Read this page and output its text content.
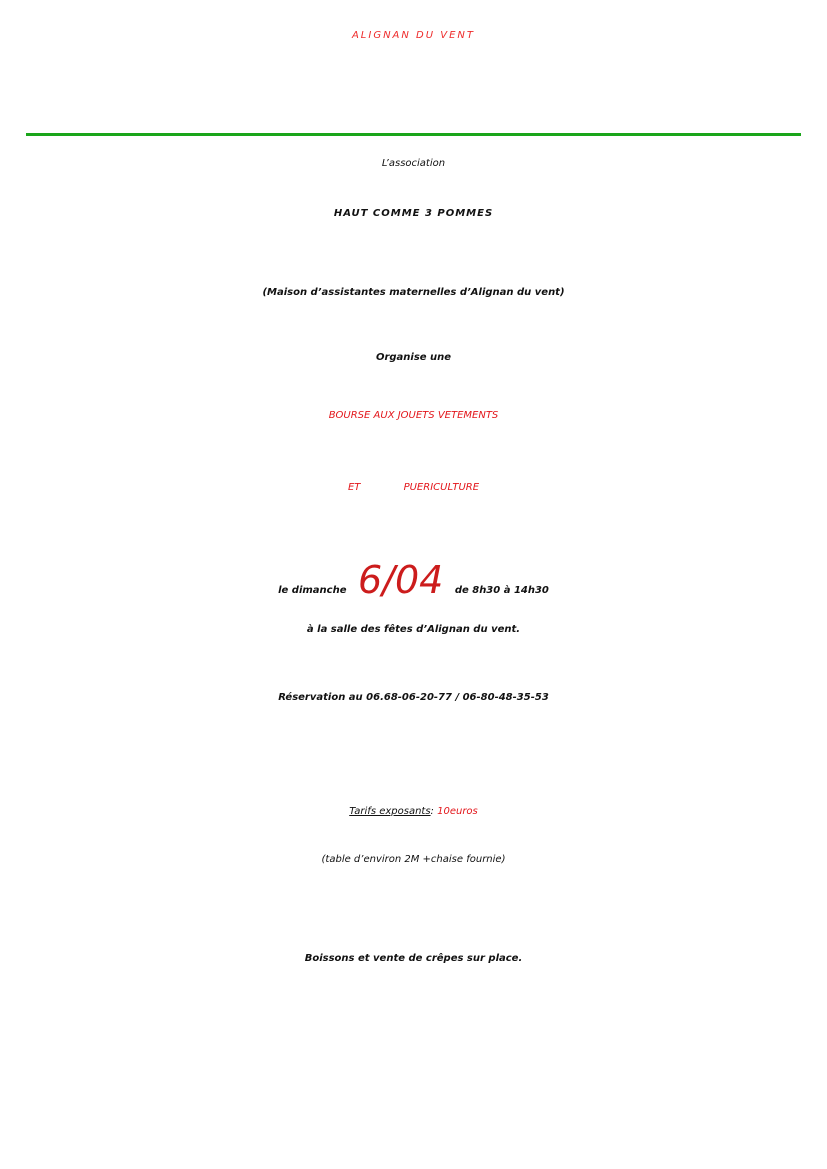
ALIGNAN DU VENT
L’association
HAUT COMME 3 POMMES
(Maison d’assistantes maternelles d’Alignan du vent)
Organise une
BOURSE AUX JOUETS VETEMENTS
ET PUERICULTURE
le dimanche 6/04 de 8h30 à 14h30
à la salle des fêtes d’Alignan du vent.
Réservation au 06.68-06-20-77 / 06-80-48-35-53
Tarifs exposants: 10euros
(table d’environ 2M +chaise fournie)
Boissons et vente de crêpes sur place.
